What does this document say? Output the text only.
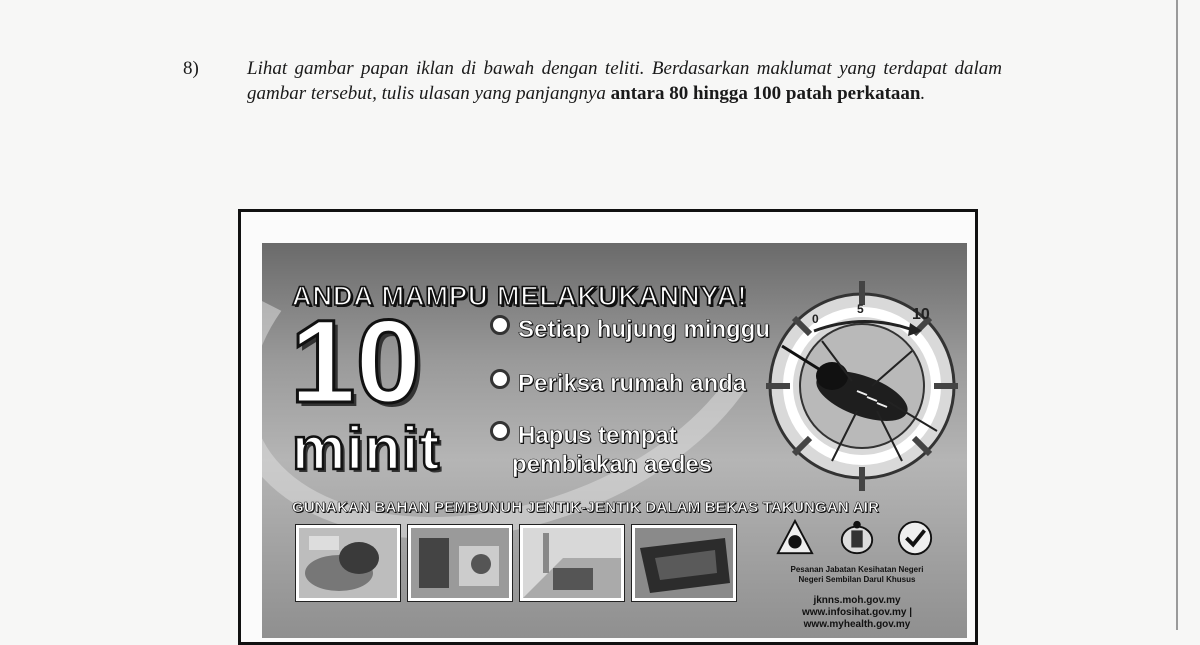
8)	Lihat gambar papan iklan di bawah dengan teliti. Berdasarkan maklumat yang terdapat dalam gambar tersebut, tulis ulasan yang panjangnya antara 80 hingga 100 patah perkataan.
ANDA MAMPU MELAKUKANNYA!
10
minit
Setiap hujung minggu
Periksa rumah anda
Hapus tempat
pembiakan aedes
GUNAKAN BAHAN PEMBUNUH JENTIK-JENTIK DALAM BEKAS TAKUNGAN AIR
0
5	10
Pesanan Jabatan Kesihatan Negeri
Negeri Sembilan Darul Khusus
jknns.moh.gov.my
www.infosihat.gov.my | www.myhealth.gov.my
